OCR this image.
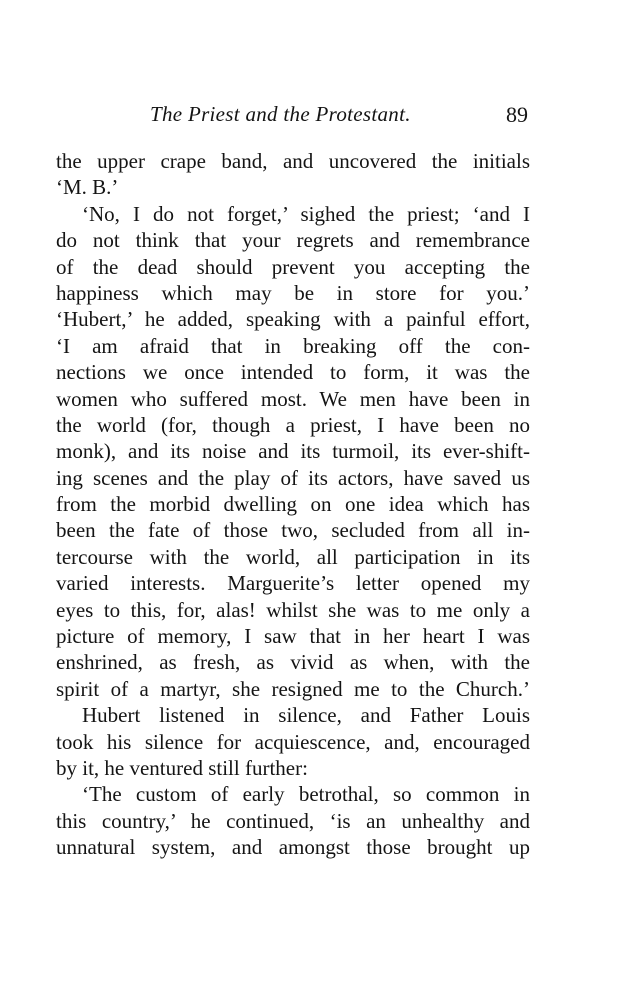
The Priest and the Protestant.	89
the upper crape band, and uncovered the initials
‘M. B.’
‘No, I do not forget,’ sighed the priest; ‘and I
do not think that your regrets and remembrance
of the dead should prevent you accepting the
happiness which may be in store for you.’
‘Hubert,’ he added, speaking with a painful effort,
‘I am afraid that in breaking off the con-
nections we once intended to form, it was the
women who suffered most. We men have been in
the world (for, though a priest, I have been no
monk), and its noise and its turmoil, its ever-shift-
ing scenes and the play of its actors, have saved us
from the morbid dwelling on one idea which has
been the fate of those two, secluded from all in-
tercourse with the world, all participation in its
varied interests. Marguerite’s letter opened my
eyes to this, for, alas! whilst she was to me only a
picture of memory, I saw that in her heart I was
enshrined, as fresh, as vivid as when, with the
spirit of a martyr, she resigned me to the Church.’
Hubert listened in silence, and Father Louis
took his silence for acquiescence, and, encouraged
by it, he ventured still further:
‘The custom of early betrothal, so common in
this country,’ he continued, ‘is an unhealthy and
unnatural system, and amongst those brought up
